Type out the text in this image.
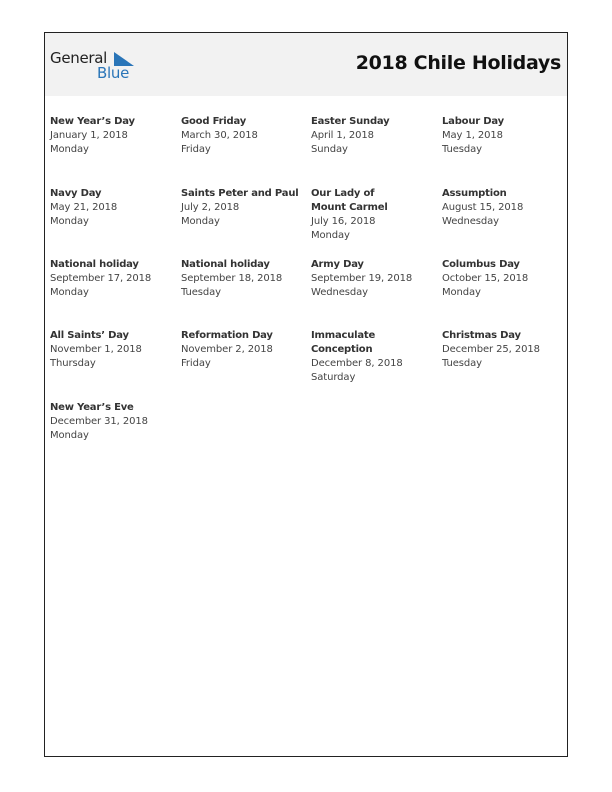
General
Blue	2018 Chile Holidays
New Year’s Day
January 1, 2018
Monday
Good Friday
March 30, 2018
Friday
Easter Sunday
April 1, 2018
Sunday
Labour Day
May 1, 2018
Tuesday
Navy Day
May 21, 2018
Monday
Saints Peter and Paul
July 2, 2018
Monday
Our Lady of Mount Carmel
July 16, 2018
Monday
Assumption
August 15, 2018
Wednesday
National holiday
September 17, 2018
Monday
National holiday
September 18, 2018
Tuesday
Army Day
September 19, 2018
Wednesday
Columbus Day
October 15, 2018
Monday
All Saints’ Day
November 1, 2018
Thursday
Reformation Day
November 2, 2018
Friday
Immaculate Conception
December 8, 2018
Saturday
Christmas Day
December 25, 2018
Tuesday
New Year’s Eve
December 31, 2018
Monday
